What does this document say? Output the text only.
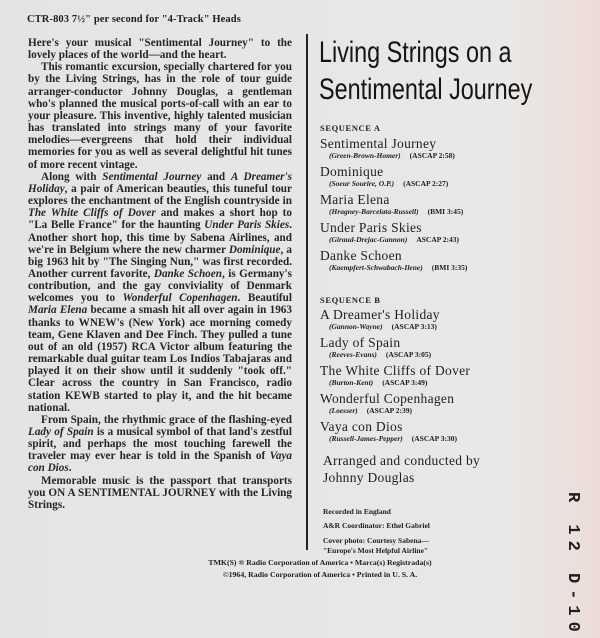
CTR-803 7½" per second for "4-Track" Heads

Here's your musical "Sentimental Journey" to the lovely places of the world—and the heart.

This romantic excursion, specially chartered for you by the Living Strings, has in the role of tour guide arranger-conductor Johnny Douglas, a gentleman who's planned the musical ports-of-call with an ear to your pleasure. This inventive, highly talented musician has translated into strings many of your favorite melodies—evergreens that hold their individual memories for you as well as several delightful hit tunes of more recent vintage.

Along with Sentimental Journey and A Dreamer's Holiday, a pair of American beauties, this tuneful tour explores the enchantment of the English countryside in The White Cliffs of Dover and makes a short hop to "La Belle France" for the haunting Under Paris Skies. Another short hop, this time by Sabena Airlines, and we're in Belgium where the new charmer Dominique, a big 1963 hit by "The Singing Nun," was first recorded. Another current favorite, Danke Schoen, is Germany's contribution, and the gay conviviality of Denmark welcomes you to Wonderful Copenhagen. Beautiful Maria Elena became a smash hit all over again in 1963 thanks to WNEW's (New York) ace morning comedy team, Gene Klaven and Dee Finch. They pulled a tune out of an old (1957) RCA Victor album featuring the remarkable dual guitar team Los Indios Tabajaras and played it on their show until it suddenly "took off." Clear across the country in San Francisco, radio station KEWB started to play it, and the hit became national.

From Spain, the rhythmic grace of the flashing-eyed Lady of Spain is a musical symbol of that land's zestful spirit, and perhaps the most touching farewell the traveler may ever hear is told in the Spanish of Vaya con Dios.

Memorable music is the passport that transports you ON A SENTIMENTAL JOURNEY with the Living Strings.

Living Strings on a
Sentimental Journey
SEQUENCE A
Sentimental Journey
(Green-Brown-Homer) (ASCAP 2:58)
Dominique
(Soeur Sourire, O.P.) (ASCAP 2:27)
Maria Elena
(Hragney-Barcelata-Russell) (BMI 3:45)
Under Paris Skies
(Giraud-Drejac-Gannon) ASCAP 2:43)
Danke Schoen
(Kaempfert-Schwabach-Ilene) (BMI 3:35)
SEQUENCE B
A Dreamer's Holiday
(Gannon-Wayne) (ASCAP 3:13)
Lady of Spain
(Reeves-Evans) (ASCAP 3:05)
The White Cliffs of Dover
(Burton-Kent) (ASCAP 3:49)
Wonderful Copenhagen
(Loesser) (ASCAP 2:39)
Vaya con Dios
(Russell-James-Pepper) (ASCAP 3:30)
Arranged and conducted by
Johnny Douglas
Recorded in England
A&R Coordinator: Ethel Gabriel
Cover photo: Courtesy Sabena—
"Europe's Most Helpful Airline"
TMK(S) ® Radio Corporation of America • Marca(s) Registrada(s)
©1964, Radio Corporation of America • Printed in U. S. A.	R 12 D-10
